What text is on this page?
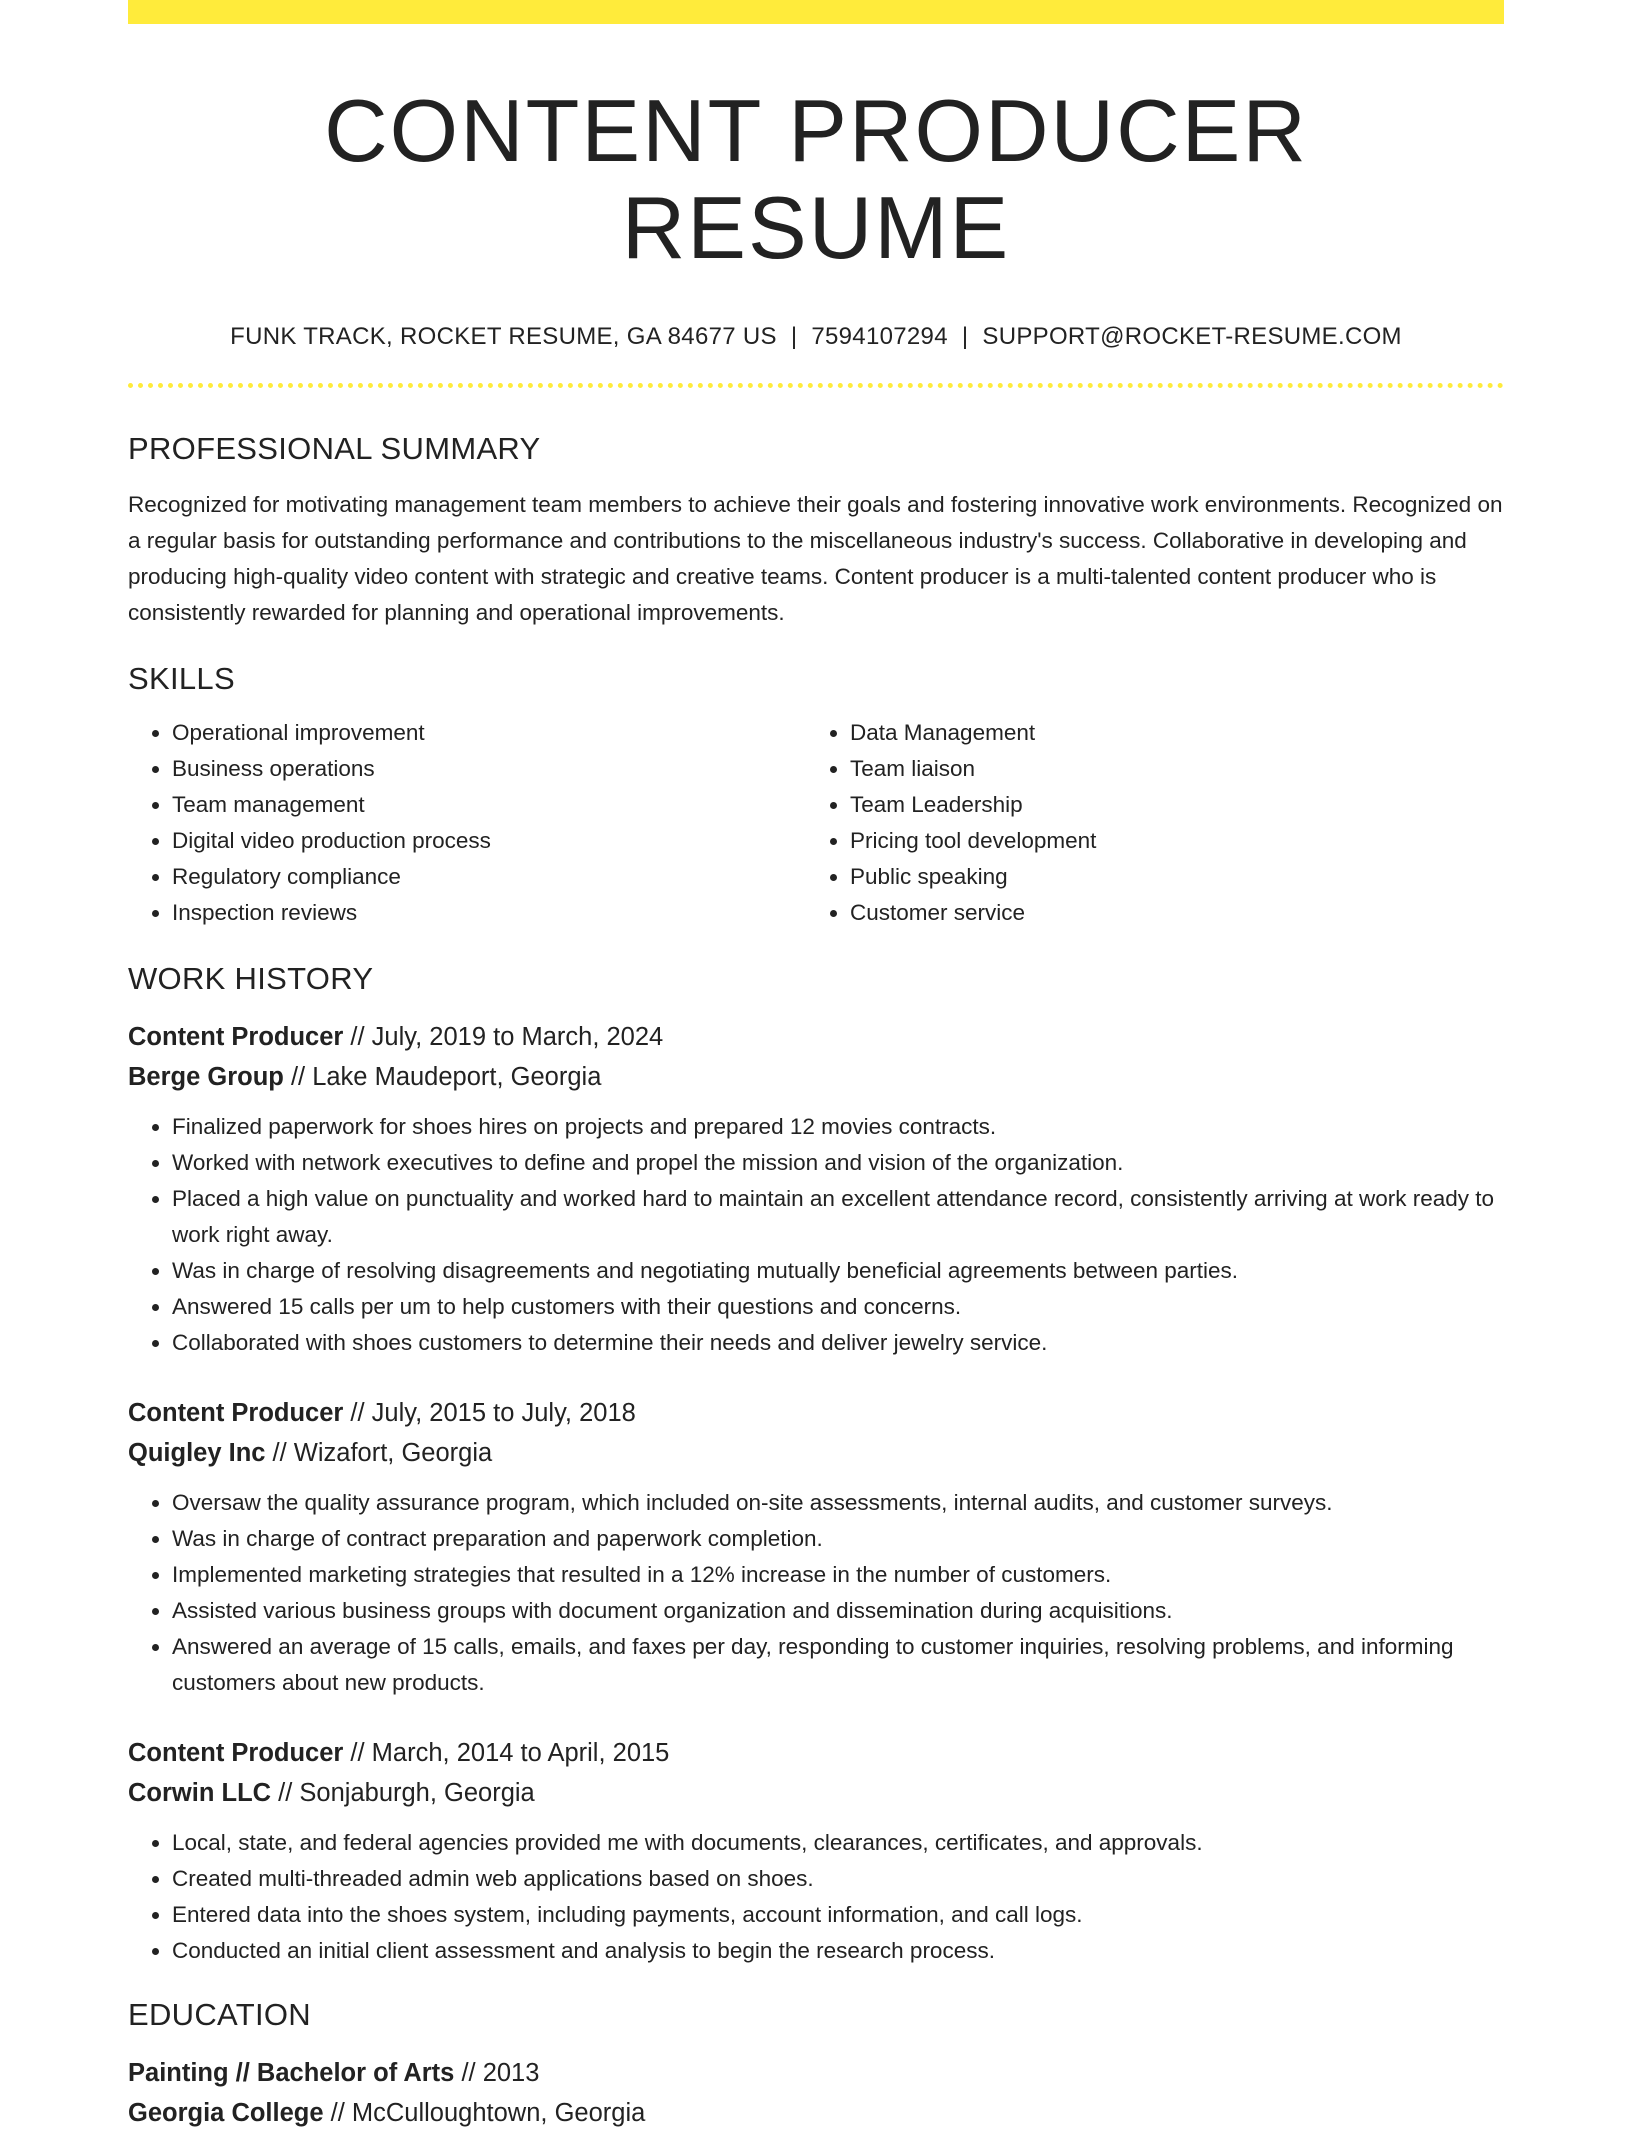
CONTENT PRODUCER RESUME
FUNK TRACK, ROCKET RESUME, GA 84677 US | 7594107294 | SUPPORT@ROCKET-RESUME.COM
PROFESSIONAL SUMMARY

Recognized for motivating management team members to achieve their goals and fostering innovative work environments. Recognized on a regular basis for outstanding performance and contributions to the miscellaneous industry's success. Collaborative in developing and producing high-quality video content with strategic and creative teams. Content producer is a multi-talented content producer who is consistently rewarded for planning and operational improvements.

SKILLS
• Operational improvement
• Business operations
• Team management
• Digital video production process
• Regulatory compliance
• Inspection reviews
• Data Management
• Team liaison
• Team Leadership
• Pricing tool development
• Public speaking
• Customer service
WORK HISTORY
Content Producer // July, 2019 to March, 2024
Berge Group // Lake Maudeport, Georgia
• Finalized paperwork for shoes hires on projects and prepared 12 movies contracts.
• Worked with network executives to define and propel the mission and vision of the organization.
• Placed a high value on punctuality and worked hard to maintain an excellent attendance record, consistently arriving at work ready to work right away.
• Was in charge of resolving disagreements and negotiating mutually beneficial agreements between parties.
• Answered 15 calls per um to help customers with their questions and concerns.
• Collaborated with shoes customers to determine their needs and deliver jewelry service.
Content Producer // July, 2015 to July, 2018
Quigley Inc // Wizafort, Georgia
• Oversaw the quality assurance program, which included on-site assessments, internal audits, and customer surveys.
• Was in charge of contract preparation and paperwork completion.
• Implemented marketing strategies that resulted in a 12% increase in the number of customers.
• Assisted various business groups with document organization and dissemination during acquisitions.
• Answered an average of 15 calls, emails, and faxes per day, responding to customer inquiries, resolving problems, and informing customers about new products.
Content Producer // March, 2014 to April, 2015
Corwin LLC // Sonjaburgh, Georgia
• Local, state, and federal agencies provided me with documents, clearances, certificates, and approvals.
• Created multi-threaded admin web applications based on shoes.
• Entered data into the shoes system, including payments, account information, and call logs.
• Conducted an initial client assessment and analysis to begin the research process.
EDUCATION
Painting // Bachelor of Arts // 2013
Georgia College // McCulloughtown, Georgia
